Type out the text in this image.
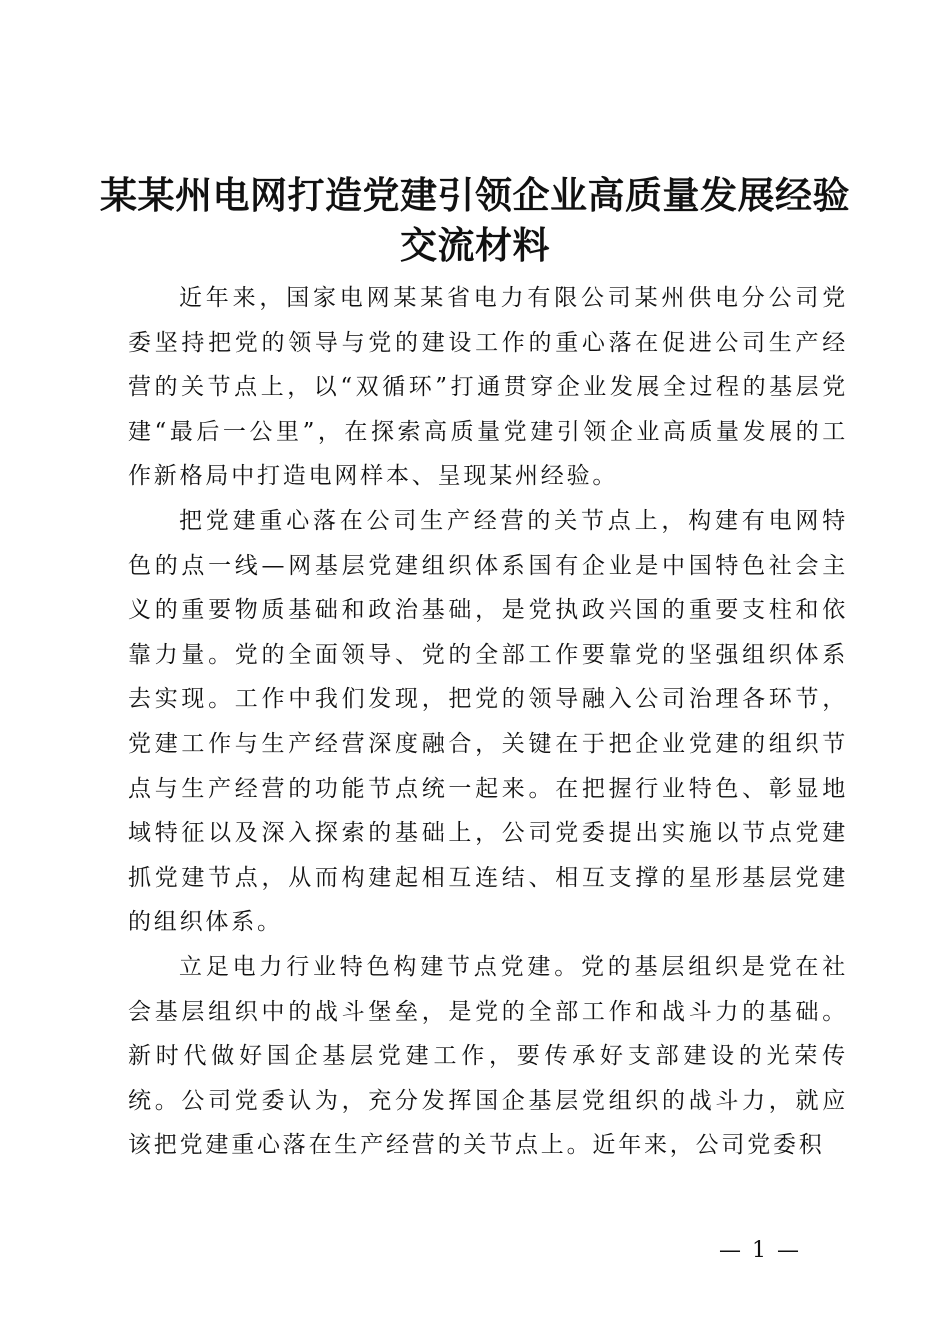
某某州电网打造党建引领企业高质量发展经验
交流材料

近年来，国家电网某某省电力有限公司某州供电分公司党委坚持把党的领导与党的建设工作的重心落在促进公司生产经营的关节点上，以“双循环”打通贯穿企业发展全过程的基层党建“最后一公里”，在探索高质量党建引领企业高质量发展的工作新格局中打造电网样本、呈现某州经验。

把党建重心落在公司生产经营的关节点上，构建有电网特色的点一线—网基层党建组织体系国有企业是中国特色社会主义的重要物质基础和政治基础，是党执政兴国的重要支柱和依靠力量。党的全面领导、党的全部工作要靠党的坚强组织体系去实现。工作中我们发现，把党的领导融入公司治理各环节，党建工作与生产经营深度融合，关键在于把企业党建的组织节点与生产经营的功能节点统一起来。在把握行业特色、彰显地域特征以及深入探索的基础上，公司党委提出实施以节点党建抓党建节点，从而构建起相互连结、相互支撑的星形基层党建的组织体系。

立足电力行业特色构建节点党建。党的基层组织是党在社会基层组织中的战斗堡垒，是党的全部工作和战斗力的基础。新时代做好国企基层党建工作，要传承好支部建设的光荣传统。公司党委认为，充分发挥国企基层党组织的战斗力，就应该把党建重心落在生产经营的关节点上。近年来，公司党委积

— 1 —
